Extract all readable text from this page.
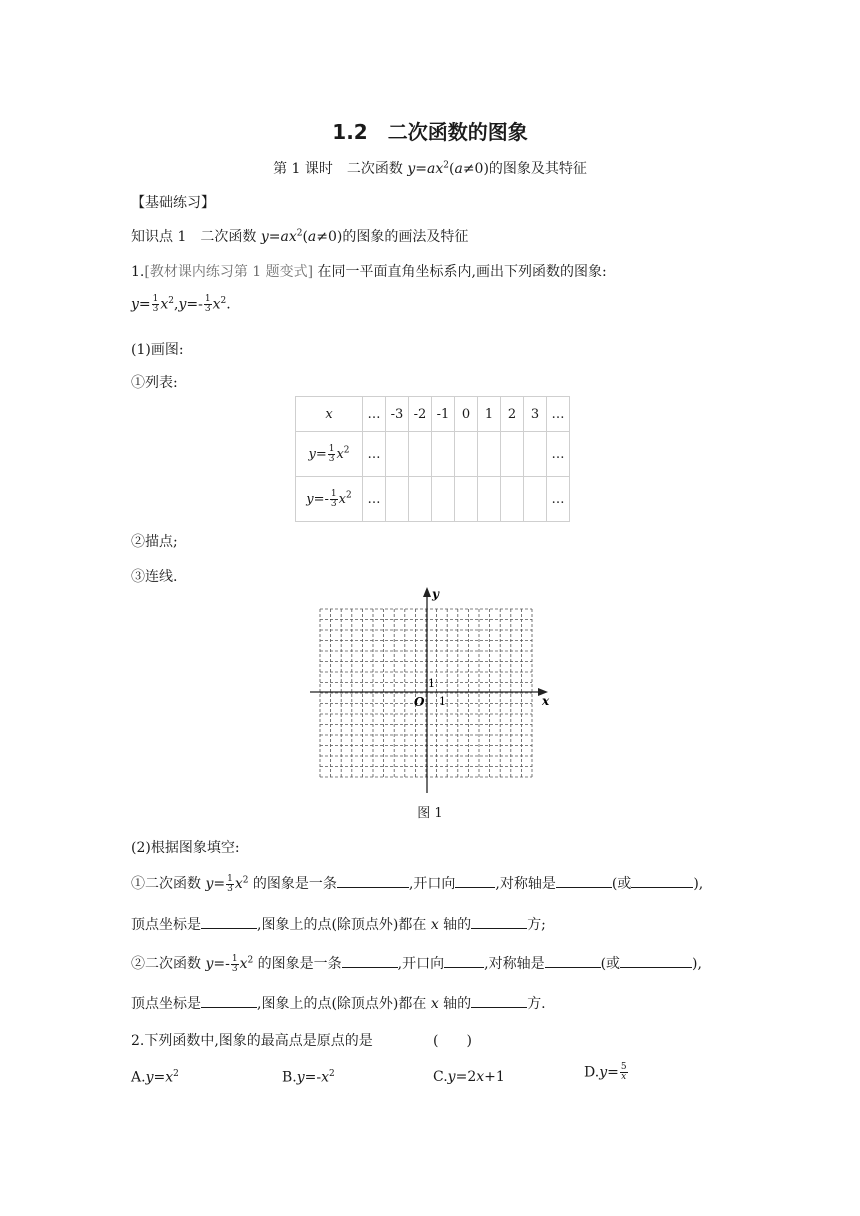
1.2　二次函数的图象
第 1 课时　二次函数 $y=ax^2(a\ne 0)$的图象及其特征
【基础练习】
知识点 1　二次函数 $y=ax^2(a\ne 0)$的图象的画法及特征
1.[教材课内练习第 1 题变式] 在同一平面直角坐标系内,画出下列函数的图象:
$y= \frac{1}{3} x^2,y=- \frac{1}{3} x^2$.
(1)画图:
①列表:
x	…	-3	-2	-1	0	1	2	3	…
$y= \frac{1}{3} x^2$	…								…
$y=- \frac{1}{3} x^2$	…								…
②描点;
③连线.
x
y
O 1
1
图 1
(2)根据图象填空:
①二次函数 $y= \frac{1}{3} x^2$ 的图象是一条	,开口向	,对称轴是	(或	),
顶点坐标是	,图象上的点(除顶点外)都在 x 轴的	方;
②二次函数 $y=- \frac{1}{3} x^2$ 的图象是一条	,开口向	,对称轴是	(或	),
顶点坐标是	,图象上的点(除顶点外)都在 x 轴的	方.
2.下列函数中,图象的最高点是原点的是	(　　)
$A.y=x^2$	$B.y=-x^2$	C.y=2x+1	$D.y= \frac{5}{x}$
